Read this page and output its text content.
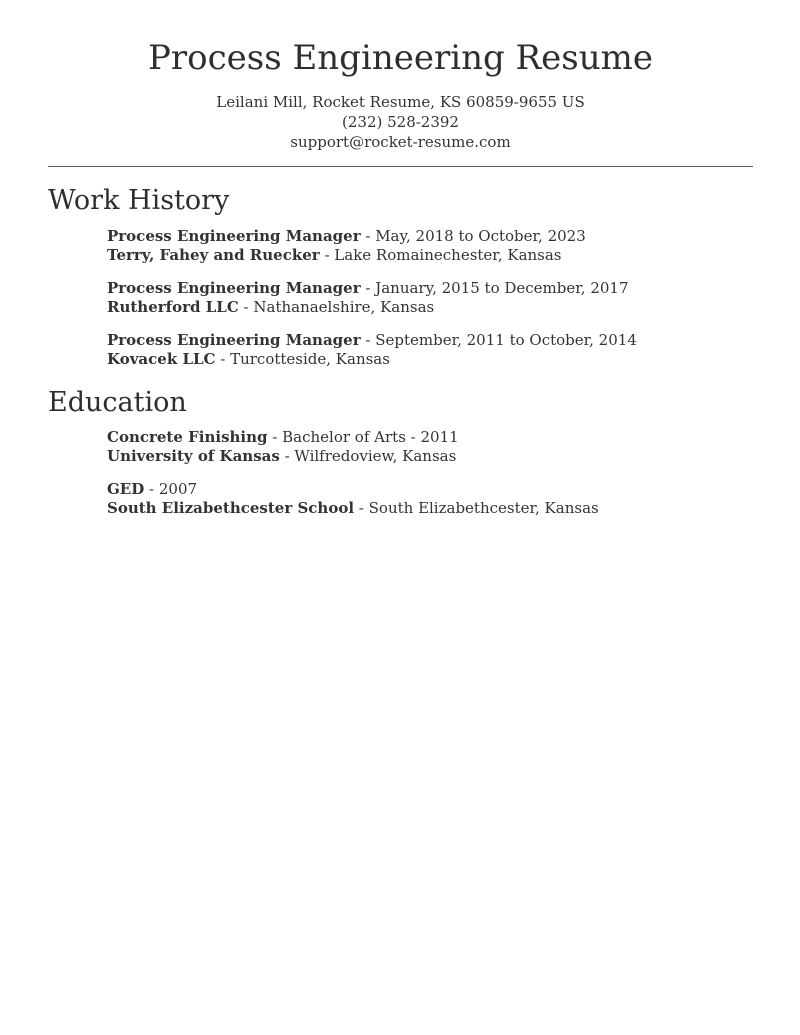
Process Engineering Resume

Leilani Mill, Rocket Resume, KS 60859-9655 US

(232) 528-2392

support@rocket-resume.com

Work History

Process Engineering Manager - May, 2018 to October, 2023

Terry, Fahey and Ruecker - Lake Romainechester, Kansas

Process Engineering Manager - January, 2015 to December, 2017

Rutherford LLC - Nathanaelshire, Kansas

Process Engineering Manager - September, 2011 to October, 2014

Kovacek LLC - Turcotteside, Kansas

Education

Concrete Finishing - Bachelor of Arts - 2011

University of Kansas - Wilfredoview, Kansas

GED - 2007

South Elizabethcester School - South Elizabethcester, Kansas
